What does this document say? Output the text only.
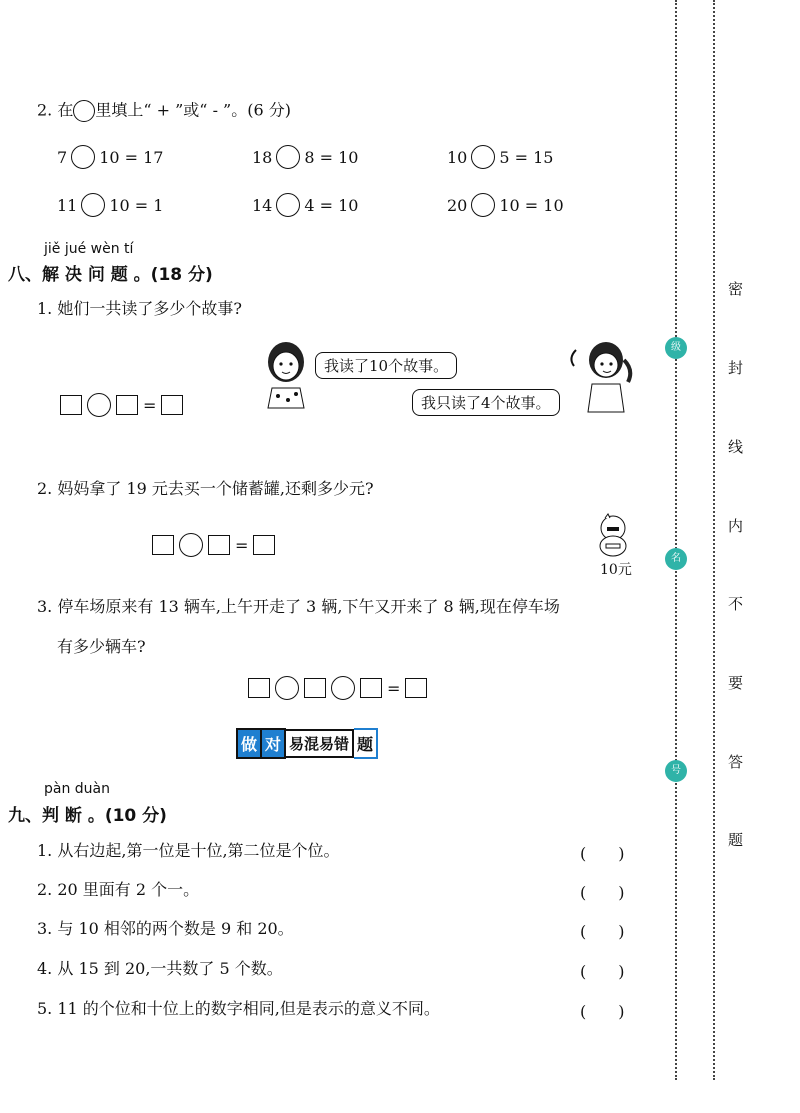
2. 在 里填上“ + ”或“ - ”。(6 分)
7 10 = 17	18 8 = 10	10 5 = 15
11 10 = 1	14 4 = 10	20 10 = 10
jiě jué wèn tí
八、解 决 问 题 。(18 分)
1. 她们一共读了多少个故事?
我读了10个故事。
我只读了4个故事。
=
2. 妈妈拿了 19 元去买一个储蓄罐,还剩多少元?
=
10元
3. 停车场原来有 13 辆车,上午开走了 3 辆,下午又开来了 8 辆,现在停车场
有多少辆车?
=
做 对 易混易错 题
pàn duàn
九、判 断 。(10 分)
1. 从右边起,第一位是十位,第二位是个位。	(　　)
2. 20 里面有 2 个一。	(　　)
3. 与 10 相邻的两个数是 9 和 20。	(　　)
4. 从 15 到 20,一共数了 5 个数。	(　　)
5. 11 的个位和十位上的数字相同,但是表示的意义不同。	(　　)
级
名
号
密
封
线
内
不
要
答
题
